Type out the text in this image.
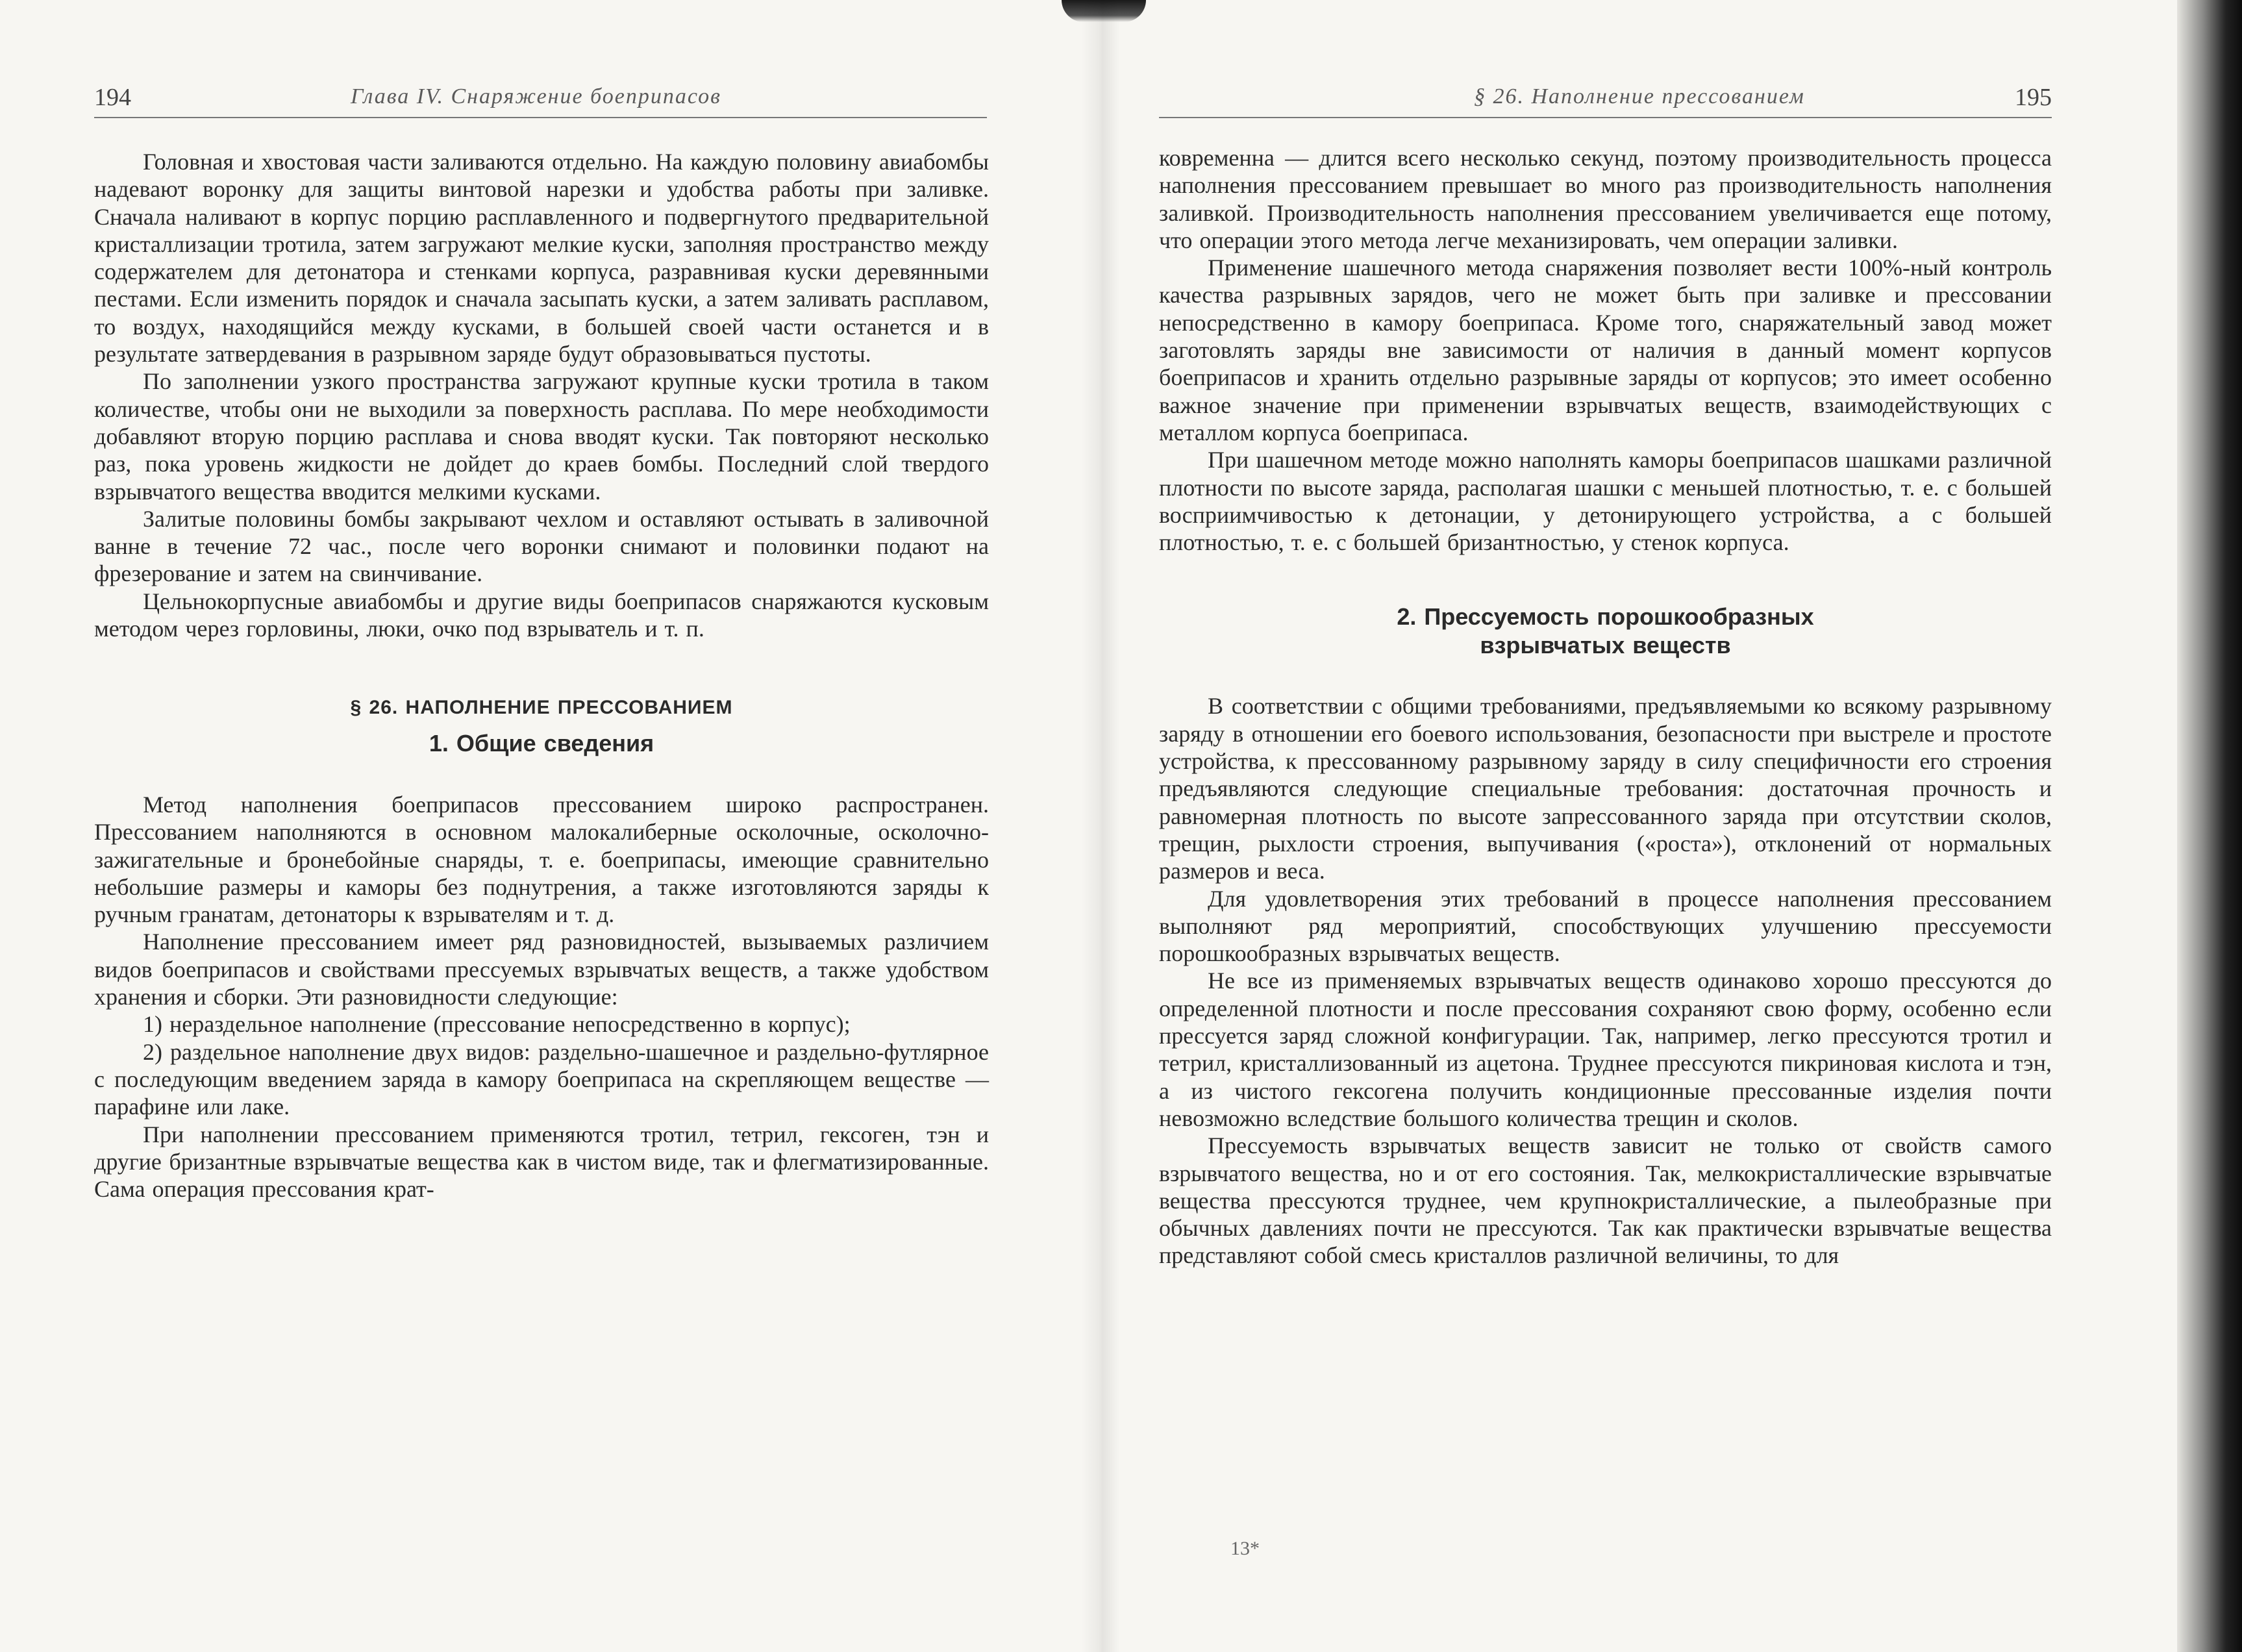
194	Глава IV. Снаряжение боеприпасов

Головная и хвостовая части заливаются отдельно. На каждую половину авиабомбы надевают воронку для защиты винтовой нарезки и удобства работы при заливке. Сначала наливают в корпус порцию расплавленного и подвергнутого предварительной кристаллизации тротила, затем загружают мелкие куски, заполняя пространство между содержателем для детонатора и стенками корпуса, разравнивая куски деревянными пестами. Если изменить порядок и сначала засыпать куски, а затем заливать расплавом, то воздух, находящийся между кусками, в большей своей части останется и в результате затвердевания в разрывном заряде будут образовываться пустоты.

По заполнении узкого пространства загружают крупные куски тротила в таком количестве, чтобы они не выходили за поверхность расплава. По мере необходимости добавляют вторую порцию расплава и снова вводят куски. Так повторяют несколько раз, пока уровень жидкости не дойдет до краев бомбы. Последний слой твердого взрывчатого вещества вводится мелкими кусками.

Залитые половины бомбы закрывают чехлом и оставляют остывать в заливочной ванне в течение 72 час., после чего воронки снимают и половинки подают на фрезерование и затем на свинчивание.

Цельнокорпусные авиабомбы и другие виды боеприпасов снаряжаются кусковым методом через горловины, люки, очко под взрыватель и т. п.

§ 26. НАПОЛНЕНИЕ ПРЕССОВАНИЕМ
1. Общие сведения

Метод наполнения боеприпасов прессованием широко распространен. Прессованием наполняются в основном малокалиберные осколочные, осколочно-зажигательные и бронебойные снаряды, т. е. боеприпасы, имеющие сравнительно небольшие размеры и каморы без поднутрения, а также изготовляются заряды к ручным гранатам, детонаторы к взрывателям и т. д.

Наполнение прессованием имеет ряд разновидностей, вызываемых различием видов боеприпасов и свойствами прессуемых взрывчатых веществ, а также удобством хранения и сборки. Эти разновидности следующие:

1) нераздельное наполнение (прессование непосредственно в корпус);

2) раздельное наполнение двух видов: раздельно-шашечное и раздельно-футлярное с последующим введением заряда в камору боеприпаса на скрепляющем веществе — парафине или лаке.

При наполнении прессованием применяются тротил, тетрил, гексоген, тэн и другие бризантные взрывчатые вещества как в чистом виде, так и флегматизированные. Сама операция прессования крат-

§ 26. Наполнение прессованием	195

ковременна — длится всего несколько секунд, поэтому производительность процесса наполнения прессованием превышает во много раз производительность наполнения заливкой. Производительность наполнения прессованием увеличивается еще потому, что операции этого метода легче механизировать, чем операции заливки.

Применение шашечного метода снаряжения позволяет вести 100%-ный контроль качества разрывных зарядов, чего не может быть при заливке и прессовании непосредственно в камору боеприпаса. Кроме того, снаряжательный завод может заготовлять заряды вне зависимости от наличия в данный момент корпусов боеприпасов и хранить отдельно разрывные заряды от корпусов; это имеет особенно важное значение при применении взрывчатых веществ, взаимодействующих с металлом корпуса боеприпаса.

При шашечном методе можно наполнять каморы боеприпасов шашками различной плотности по высоте заряда, располагая шашки с меньшей плотностью, т. е. с большей восприимчивостью к детонации, у детонирующего устройства, а с большей плотностью, т. е. с большей бризантностью, у стенок корпуса.

2. Прессуемость порошкообразных
взрывчатых веществ

В соответствии с общими требованиями, предъявляемыми ко всякому разрывному заряду в отношении его боевого использования, безопасности при выстреле и простоте устройства, к прессованному разрывному заряду в силу специфичности его строения предъявляются следующие специальные требования: достаточная прочность и равномерная плотность по высоте запрессованного заряда при отсутствии сколов, трещин, рыхлости строения, выпучивания («роста»), отклонений от нормальных размеров и веса.

Для удовлетворения этих требований в процессе наполнения прессованием выполняют ряд мероприятий, способствующих улучшению прессуемости порошкообразных взрывчатых веществ.

Не все из применяемых взрывчатых веществ одинаково хорошо прессуются до определенной плотности и после прессования сохраняют свою форму, особенно если прессуется заряд сложной конфигурации. Так, например, легко прессуются тротил и тетрил, кристаллизованный из ацетона. Труднее прессуются пикриновая кислота и тэн, а из чистого гексогена получить кондиционные прессованные изделия почти невозможно вследствие большого количества трещин и сколов.

Прессуемость взрывчатых веществ зависит не только от свойств самого взрывчатого вещества, но и от его состояния. Так, мелкокристаллические взрывчатые вещества прессуются труднее, чем крупнокристаллические, а пылеобразные при обычных давлениях почти не прессуются. Так как практически взрывчатые вещества представляют собой смесь кристаллов различной величины, то для

13*
